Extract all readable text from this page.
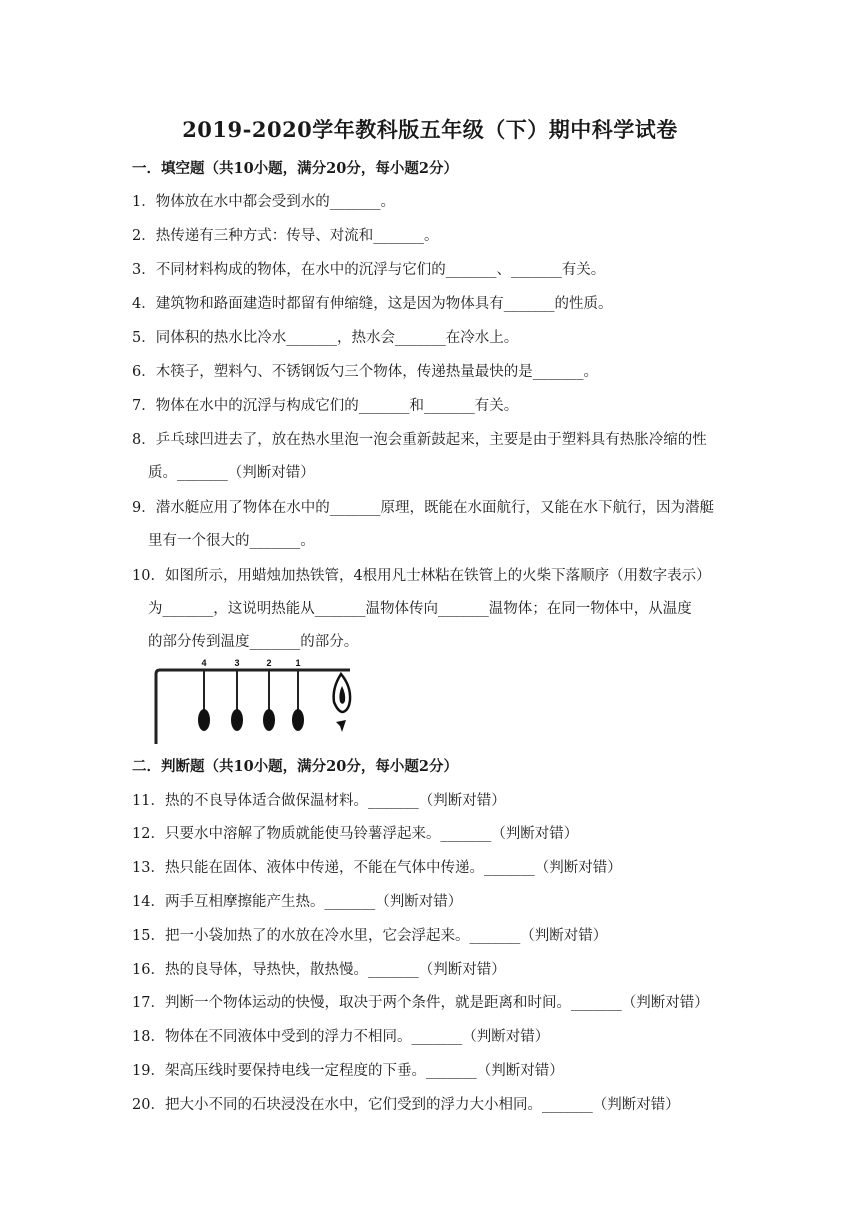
2019-2020学年教科版五年级（下）期中科学试卷
一．填空题（共10小题，满分20分，每小题2分）
1．物体放在水中都会受到水的_______。
2．热传递有三种方式：传导、对流和_______。
3．不同材料构成的物体，在水中的沉浮与它们的_______、_______有关。
4．建筑物和路面建造时都留有伸缩缝，这是因为物体具有_______的性质。
5．同体积的热水比冷水_______，热水会_______在冷水上。
6．木筷子，塑料勺、不锈钢饭勺三个物体，传递热量最快的是_______。
7．物体在水中的沉浮与构成它们的_______和_______有关。
8．乒乓球凹进去了，放在热水里泡一泡会重新鼓起来，主要是由于塑料具有热胀冷缩的性
质。_______（判断对错）
9．潜水艇应用了物体在水中的_______原理，既能在水面航行，又能在水下航行，因为潜艇
里有一个很大的_______。
10．如图所示，用蜡烛加热铁管，4根用凡士林粘在铁管上的火柴下落顺序（用数字表示）
为_______，这说明热能从_______温物体传向_______温物体；在同一物体中，从温度
的部分传到温度_______的部分。
4	3	2	1
二．判断题（共10小题，满分20分，每小题2分）
11．热的不良导体适合做保温材料。_______（判断对错）
12．只要水中溶解了物质就能使马铃薯浮起来。_______（判断对错）
13．热只能在固体、液体中传递，不能在气体中传递。_______（判断对错）
14．两手互相摩擦能产生热。_______（判断对错）
15．把一小袋加热了的水放在冷水里，它会浮起来。_______（判断对错）
16．热的良导体，导热快，散热慢。_______（判断对错）
17．判断一个物体运动的快慢，取决于两个条件，就是距离和时间。_______（判断对错）
18．物体在不同液体中受到的浮力不相同。_______（判断对错）
19．架高压线时要保持电线一定程度的下垂。_______（判断对错）
20．把大小不同的石块浸没在水中，它们受到的浮力大小相同。_______（判断对错）
